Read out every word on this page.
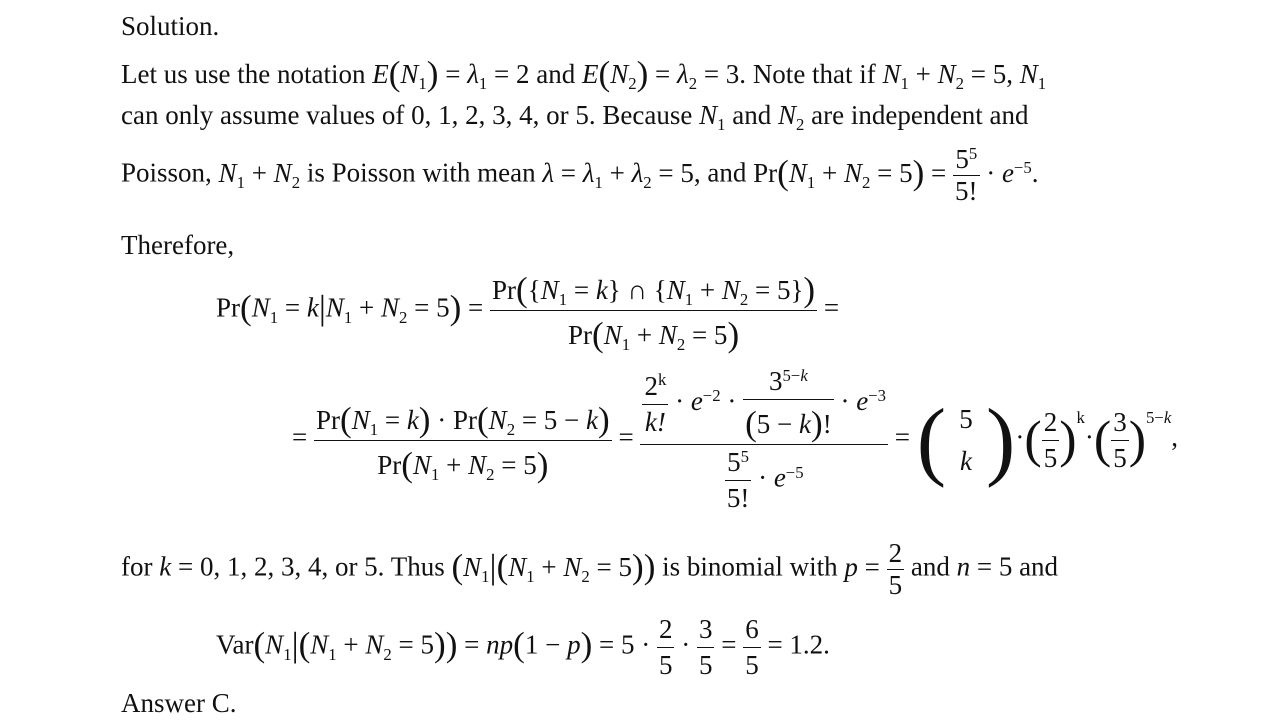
Solution.
Let us use the notation $E(N_1) = \lambda_1 = 2$ and $E(N_2) = \lambda_2 = 3$. Note that if $N_1 + N_2 = 5$, $N_1$
can only assume values of 0, 1, 2, 3, 4, or 5. Because $N_1$ and $N_2$ are independent and
Poisson, $N_1 + N_2$ is Poisson with mean $\lambda = \lambda_1 + \lambda_2 = 5$, and $Pr(N_1 + N_2 = 5) = \frac{5^5}{5!} \cdot e^{-5}$.
Therefore,
$Pr(N_1 = k|N_1 + N_2 = 5) = \frac{Pr(\{N_1 = k\} \cap \{N_1 + N_2 = 5\})}{Pr(N_1 + N_2 = 5)}$ =
= $\frac{Pr(N_1 = k) \cdot Pr(N_2 = 5 - k)}{Pr(N_1 + N_2 = 5)} = \frac{\frac{2^k}{k!} \cdot e^{-2} \cdot \frac{3^{5-k}}{(5 - k)!} \cdot e^{-3}}{\frac{5^5}{5!} \cdot e^{-5}}$ = ( 5
k )·( $\frac{2}{5} )^k\cdot( \frac{3}{5} )^{5-k}$,
for k = 0, 1, 2, 3, 4, or 5. Thus $(N_1|(N_1 + N_2 = 5))$ is binomial with $p = \frac{2}{5}$ and n = 5 and
$Var(N_1|(N_1 + N_2 = 5)) = np(1 - p) = 5 \cdot \frac{2}{5} \cdot \frac{3}{5} = \frac{6}{5} = 1.2$.
Answer C.
